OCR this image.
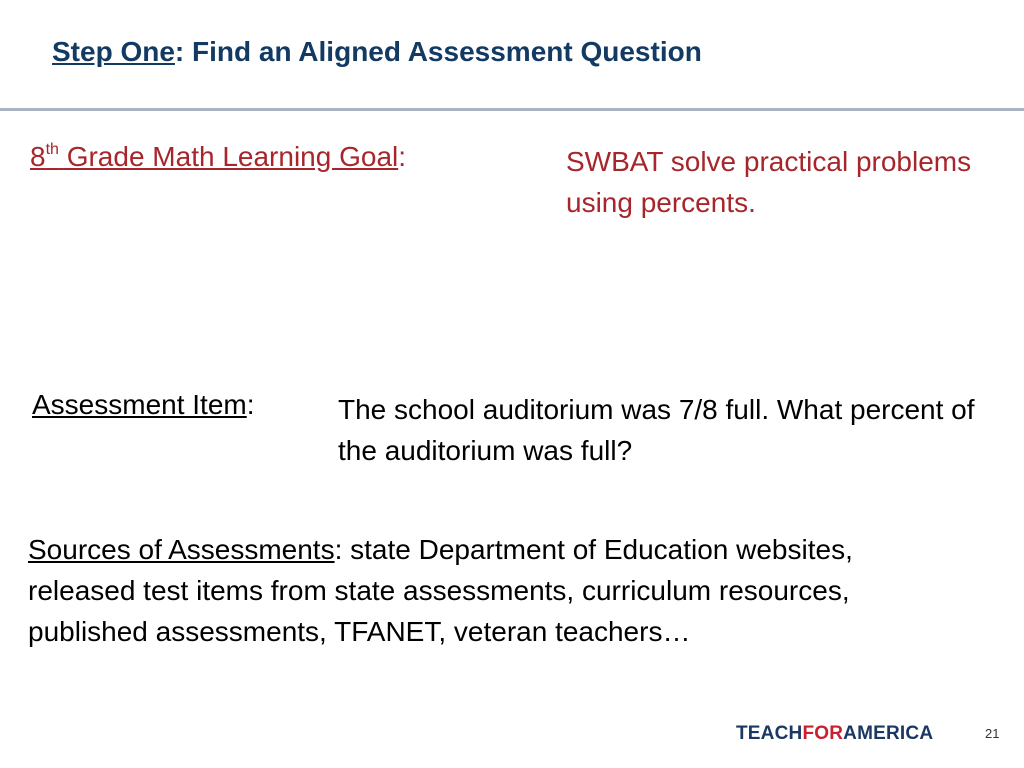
Step One: Find an Aligned Assessment Question
8th Grade Math Learning Goal:	SWBAT solve practical problems using percents.
Assessment Item:	The school auditorium was 7/8 full. What percent of the auditorium was full?

Sources of Assessments: state Department of Education websites, released test items from state assessments, curriculum resources, published assessments, TFANET, veteran teachers…

TEACHFORAMERICA	21
